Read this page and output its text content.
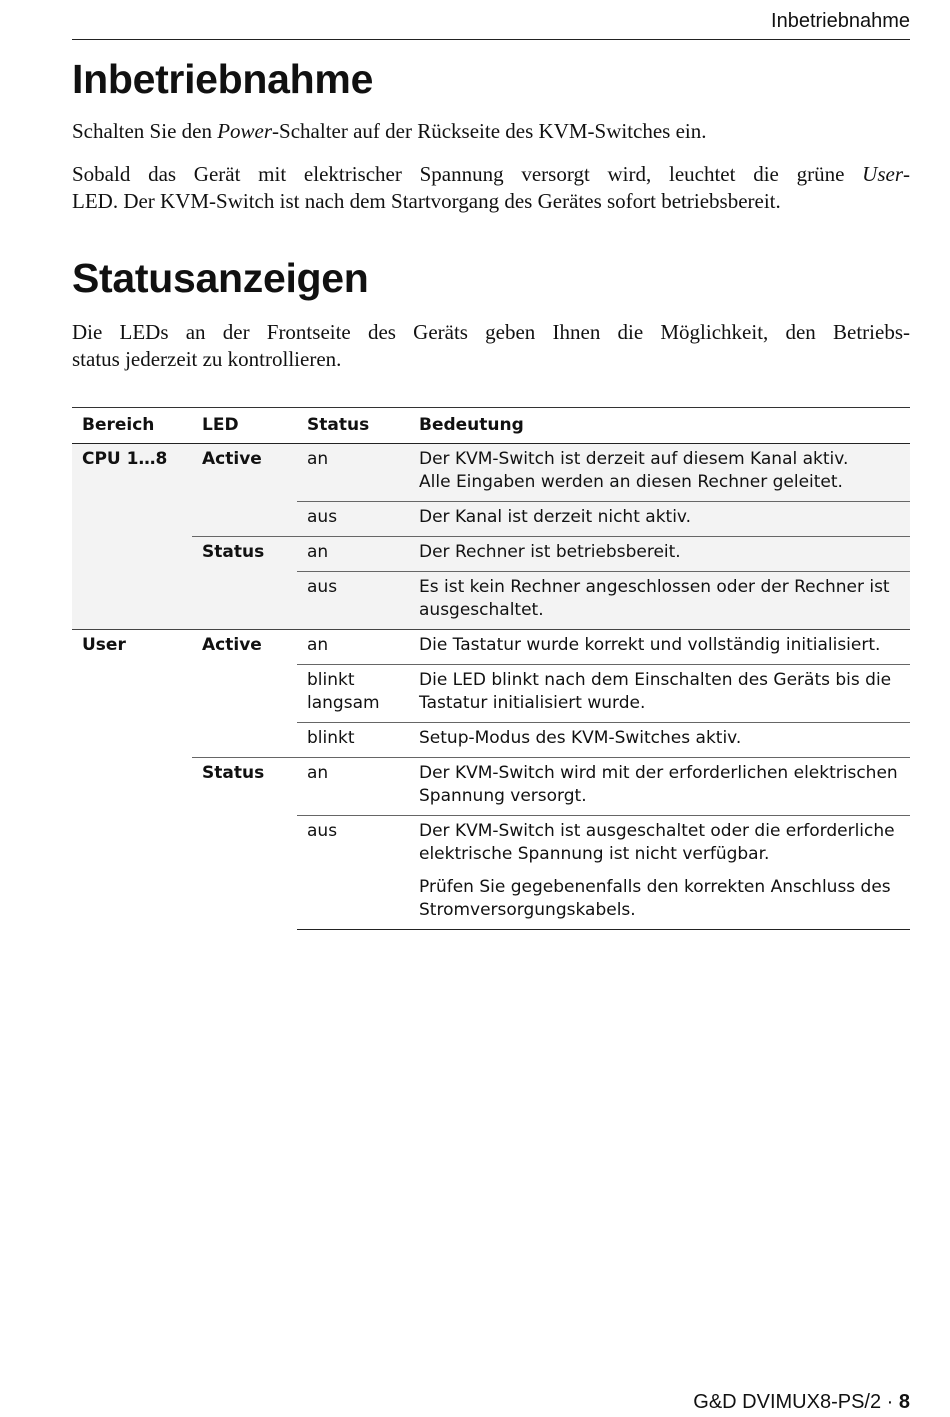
Inbetriebnahme
Inbetriebnahme

Schalten Sie den Power-Schalter auf der Rückseite des KVM-Switches ein.

Sobald das Gerät mit elektrischer Spannung versorgt wird, leuchtet die grüne User-
LED. Der KVM-Switch ist nach dem Startvorgang des Gerätes sofort betriebsbereit.

Statusanzeigen

Die LEDs an der Frontseite des Geräts geben Ihnen die Möglichkeit, den Betriebs-
status jederzeit zu kontrollieren.

Bereich	LED	Status	Bedeutung
CPU 1…8	Active	an	Der KVM-Switch ist derzeit auf diesem Kanal aktiv.
Alle Eingaben werden an diesen Rechner geleitet.

		aus	Der Kanal ist derzeit nicht aktiv.
	Status	an	Der Rechner ist betriebsbereit.
		aus	Es ist kein Rechner angeschlossen oder der Rechner ist ausgeschaltet.
User	Active	an	Die Tastatur wurde korrekt und vollständig initialisiert.

		blinkt
langsam	Die LED blinkt nach dem Einschalten des Geräts bis die Tastatur initialisiert wurde.
		blinkt	Setup-Modus des KVM-Switches aktiv.
	Status	an	Der KVM-Switch wird mit der erforderlichen elektrischen Spannung versorgt.
		aus	Der KVM-Switch ist ausgeschaltet oder die erforderliche elektrische Spannung ist nicht verfügbar.
Prüfen Sie gegebenenfalls den korrekten Anschluss des Stromversorgungskabels.
G&D DVIMUX8-PS/2 · 8
